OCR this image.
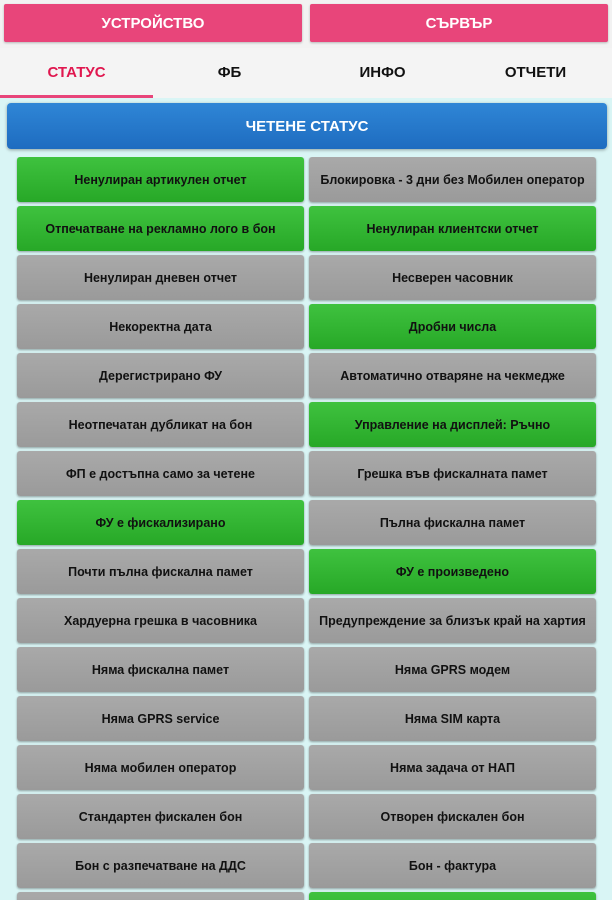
УСТРОЙСТВО	СЪРВЪР
СТАТУС	ФБ	ИНФО	ОТЧЕТИ
ЧЕТЕНЕ СТАТУС
Ненулиран артикулен отчет	Блокировка - 3 дни без Мобилен оператор
Отпечатване на рекламно лого в бон	Ненулиран клиентски отчет
Ненулиран дневен отчет	Несверен часовник
Некоректна дата	Дробни числа
Дерегистрирано ФУ	Автоматично отваряне на чекмедже
Неотпечатан дубликат на бон	Управление на дисплей: Ръчно
ФП е достъпна само за четене	Грешка във фискалната памет
ФУ е фискализирано	Пълна фискална памет
Почти пълна фискална памет	ФУ е произведено
Хардуерна грешка в часовника	Предупреждение за близък край на хартия
Няма фискална памет	Няма GPRS модем
Няма GPRS service	Няма SIM карта
Няма мобилен оператор	Няма задача от НАП
Стандартен фискален бон	Отворен фискален бон
Бон с разпечатване на ДДС	Бон - фактура
